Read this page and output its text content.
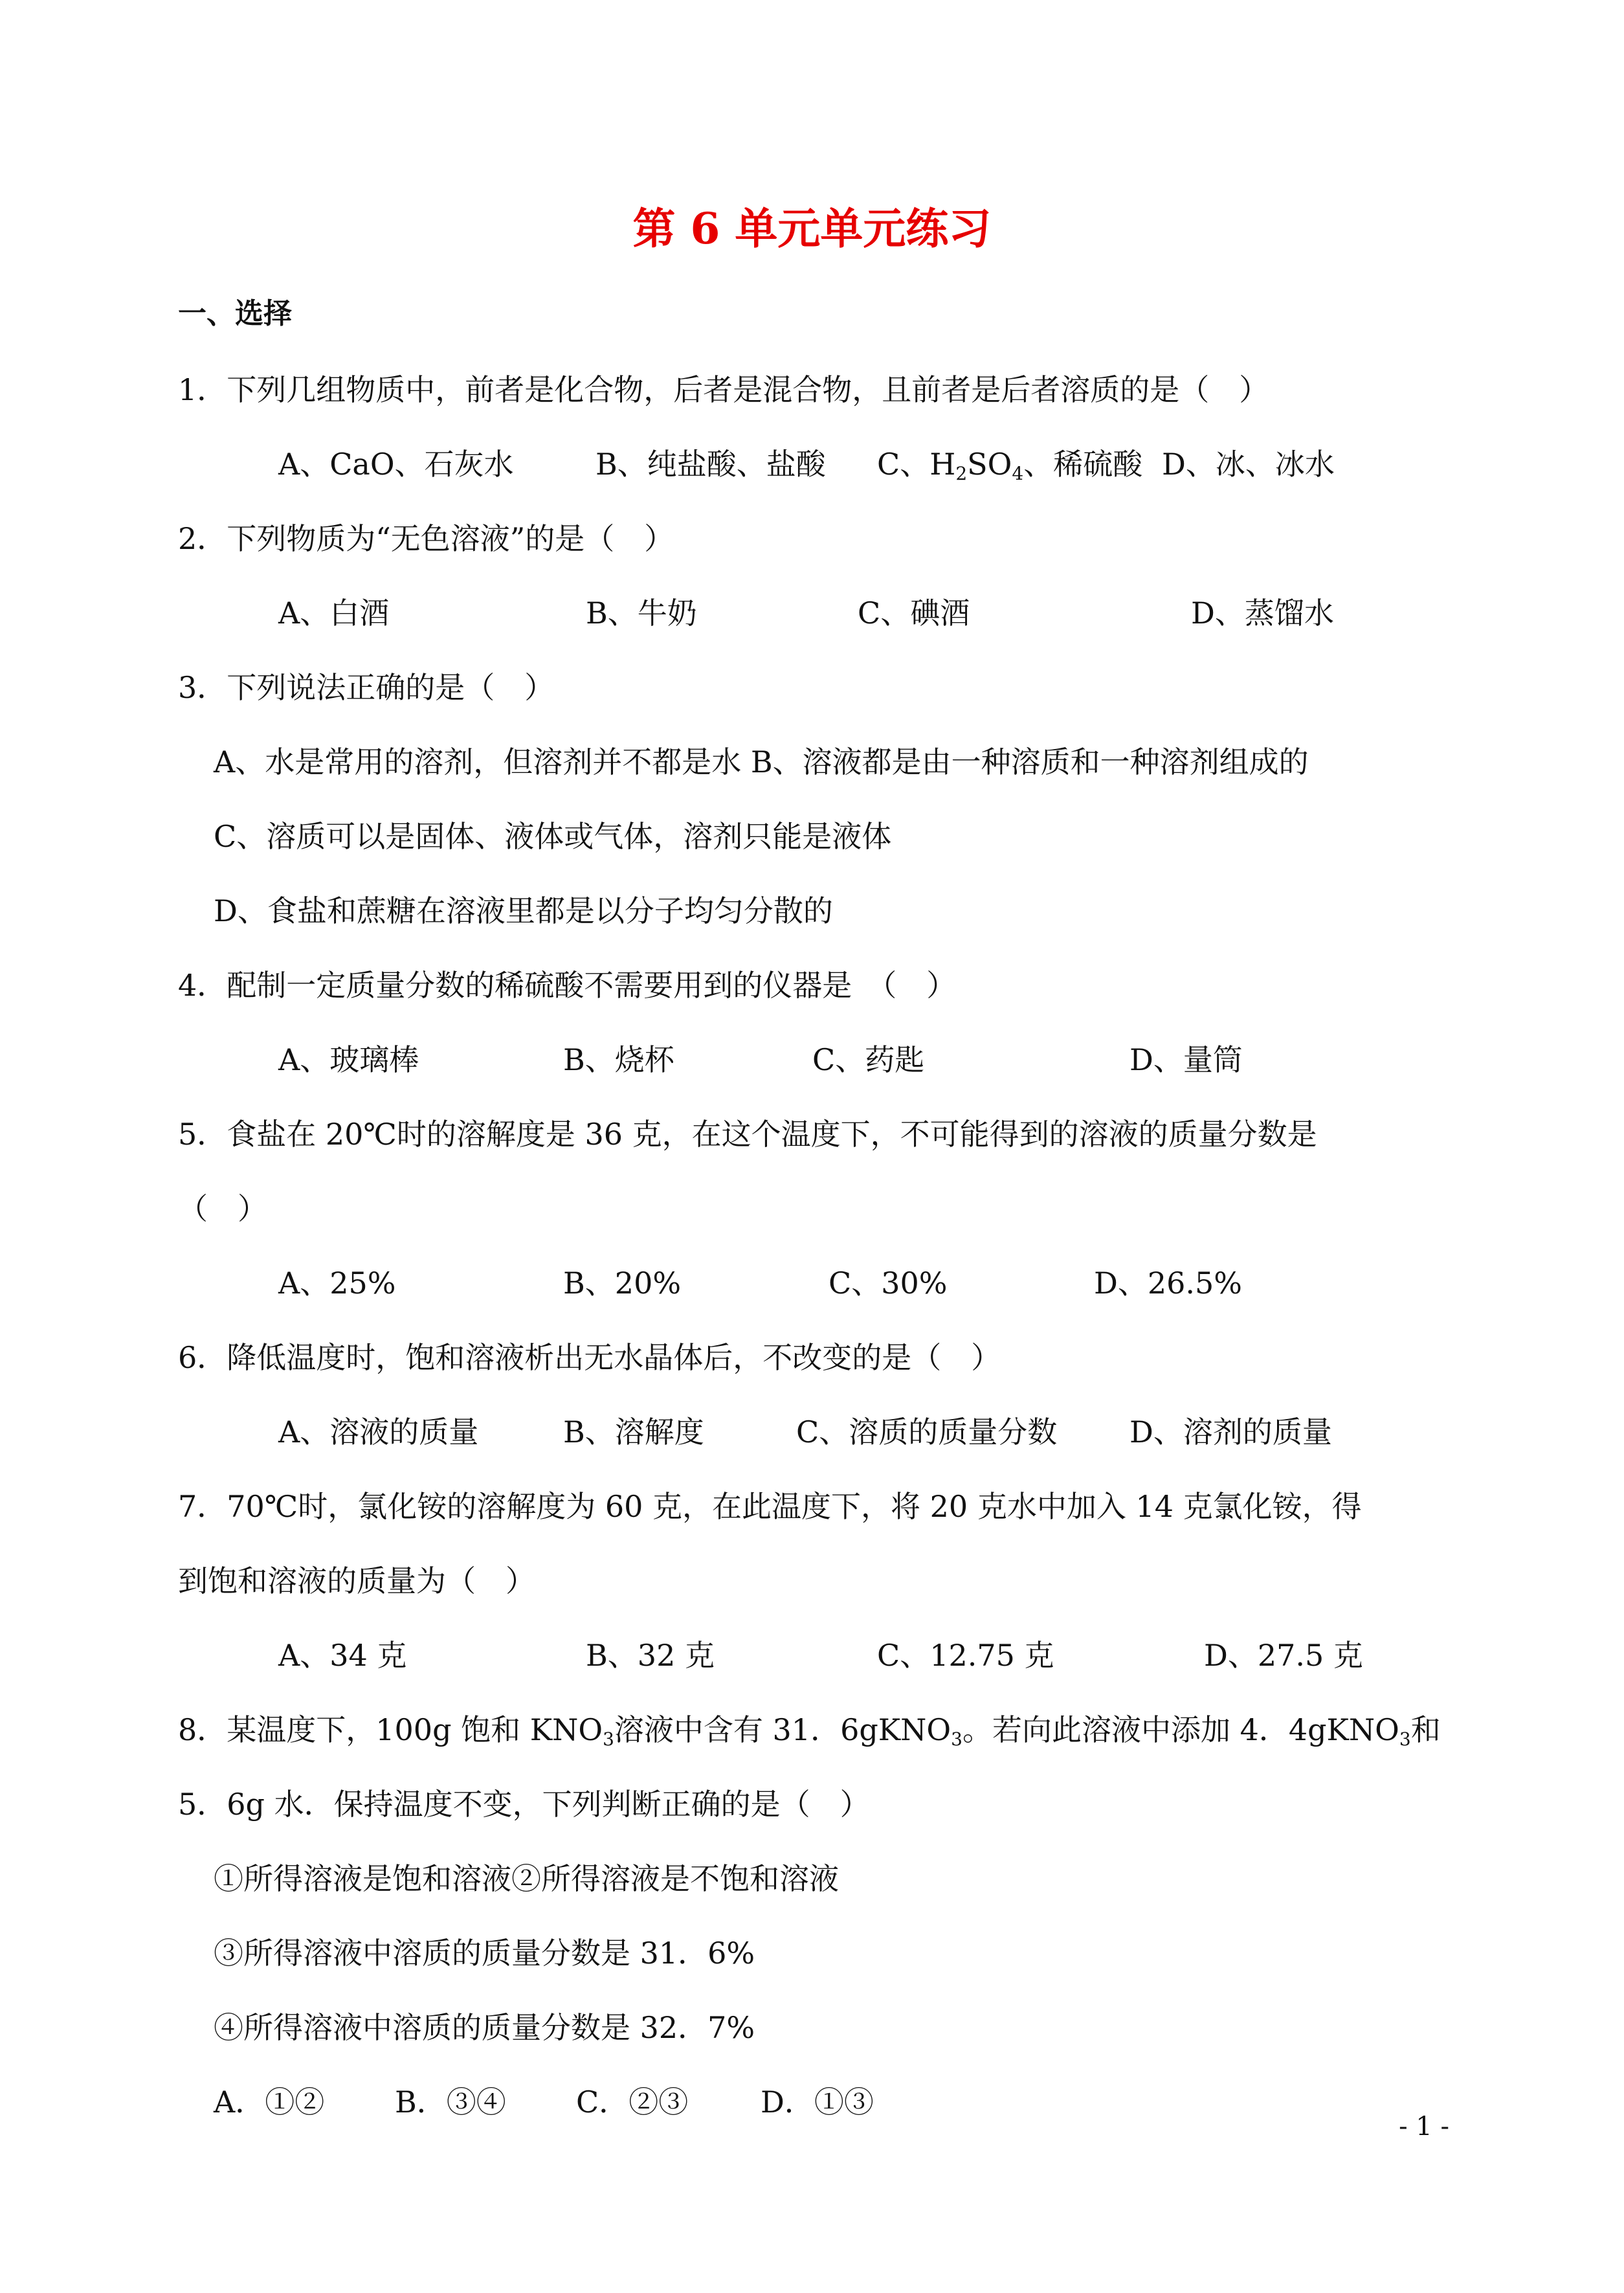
第 6 单元单元练习
一、选择
1．下列几组物质中，前者是化合物，后者是混合物，且前者是后者溶质的是（　）
A、CaO、石灰水	B、纯盐酸、盐酸 C、$H_2SO_4$、稀硫酸 D、冰、冰水
2．下列物质为“无色溶液”的是（　）
A、白酒	B、牛奶	C、碘酒	D、蒸馏水
3．下列说法正确的是（　）
A、水是常用的溶剂，但溶剂并不都是水 B、溶液都是由一种溶质和一种溶剂组成的
C、溶质可以是固体、液体或气体，溶剂只能是液体
D、食盐和蔗糖在溶液里都是以分子均匀分散的
4．配制一定质量分数的稀硫酸不需要用到的仪器是　（　）
A、玻璃棒	B、烧杯	C、药匙	D、量筒
5．食盐在 20℃时的溶解度是 36 克，在这个温度下，不可能得到的溶液的质量分数是
（　）
A、25%	B、20%	C、30%	D、26.5%
6．降低温度时，饱和溶液析出无水晶体后，不改变的是（　）
A、溶液的质量	B、溶解度	C、溶质的质量分数 D、溶剂的质量
7．70℃时，氯化铵的溶解度为 60 克，在此温度下，将 20 克水中加入 14 克氯化铵，得
到饱和溶液的质量为（　）
A、34 克	B、32 克	C、12.75 克	D、27.5 克
8．某温度下，100g 饱和 $KNO_3$溶液中含有 31．6gKNO$_3$。若向此溶液中添加 4．4gKNO$_3$和
5．6g 水．保持温度不变，下列判断正确的是（　）
①所得溶液是饱和溶液②所得溶液是不饱和溶液
③所得溶液中溶质的质量分数是 31．6%
④所得溶液中溶质的质量分数是 32．7%
A．①② B．③④ C．②③ D．①③
- 1 -
